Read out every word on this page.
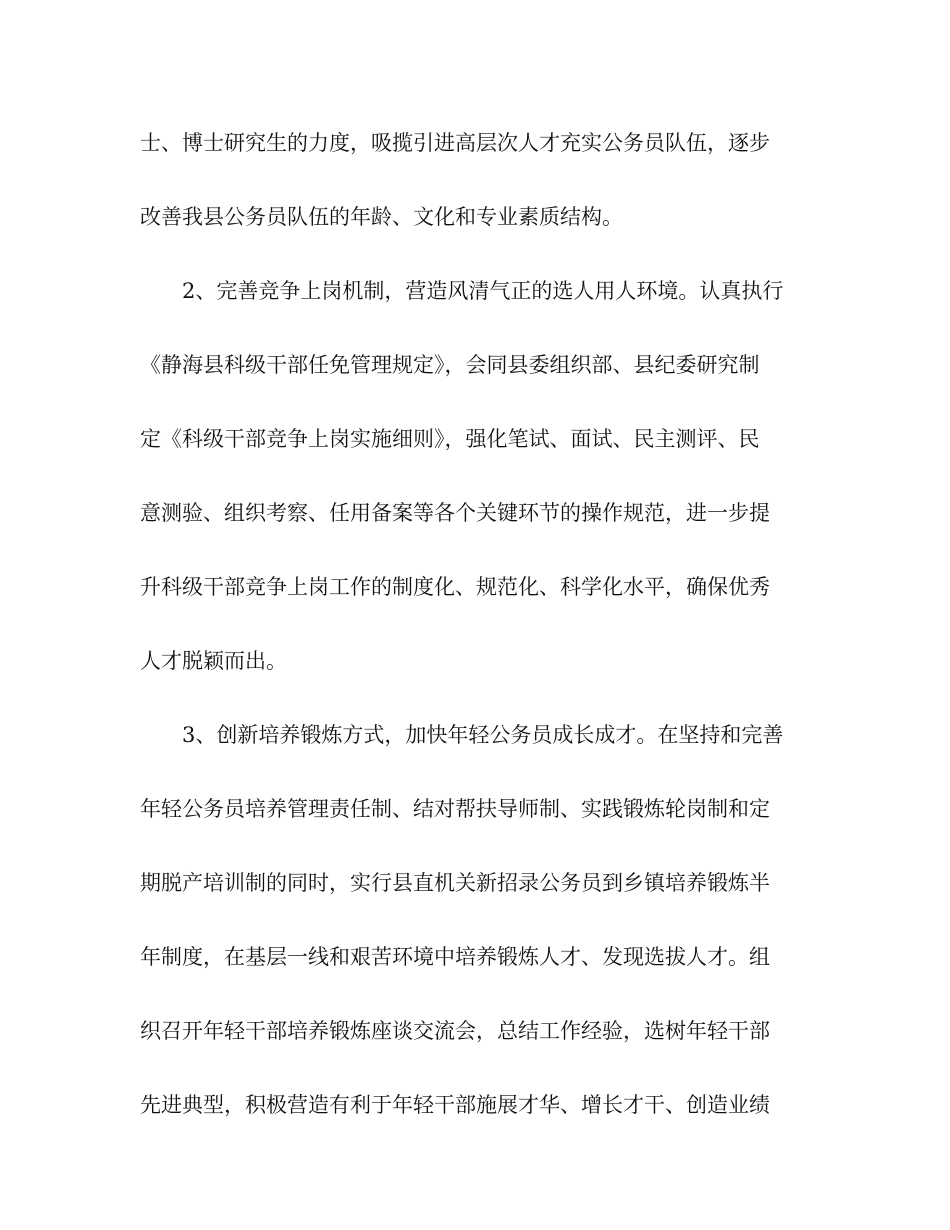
士、博士研究生的力度，吸揽引进高层次人才充实公务员队伍，逐步
改善我县公务员队伍的年龄、文化和专业素质结构。
2、完善竞争上岗机制，营造风清气正的选人用人环境。认真执行
《静海县科级干部任免管理规定》，会同县委组织部、县纪委研究制
定《科级干部竞争上岗实施细则》，强化笔试、面试、民主测评、民
意测验、组织考察、任用备案等各个关键环节的操作规范，进一步提
升科级干部竞争上岗工作的制度化、规范化、科学化水平，确保优秀
人才脱颖而出。
3、创新培养锻炼方式，加快年轻公务员成长成才。在坚持和完善
年轻公务员培养管理责任制、结对帮扶导师制、实践锻炼轮岗制和定
期脱产培训制的同时，实行县直机关新招录公务员到乡镇培养锻炼半
年制度，在基层一线和艰苦环境中培养锻炼人才、发现选拔人才。组
织召开年轻干部培养锻炼座谈交流会，总结工作经验，选树年轻干部
先进典型，积极营造有利于年轻干部施展才华、增长才干、创造业绩
